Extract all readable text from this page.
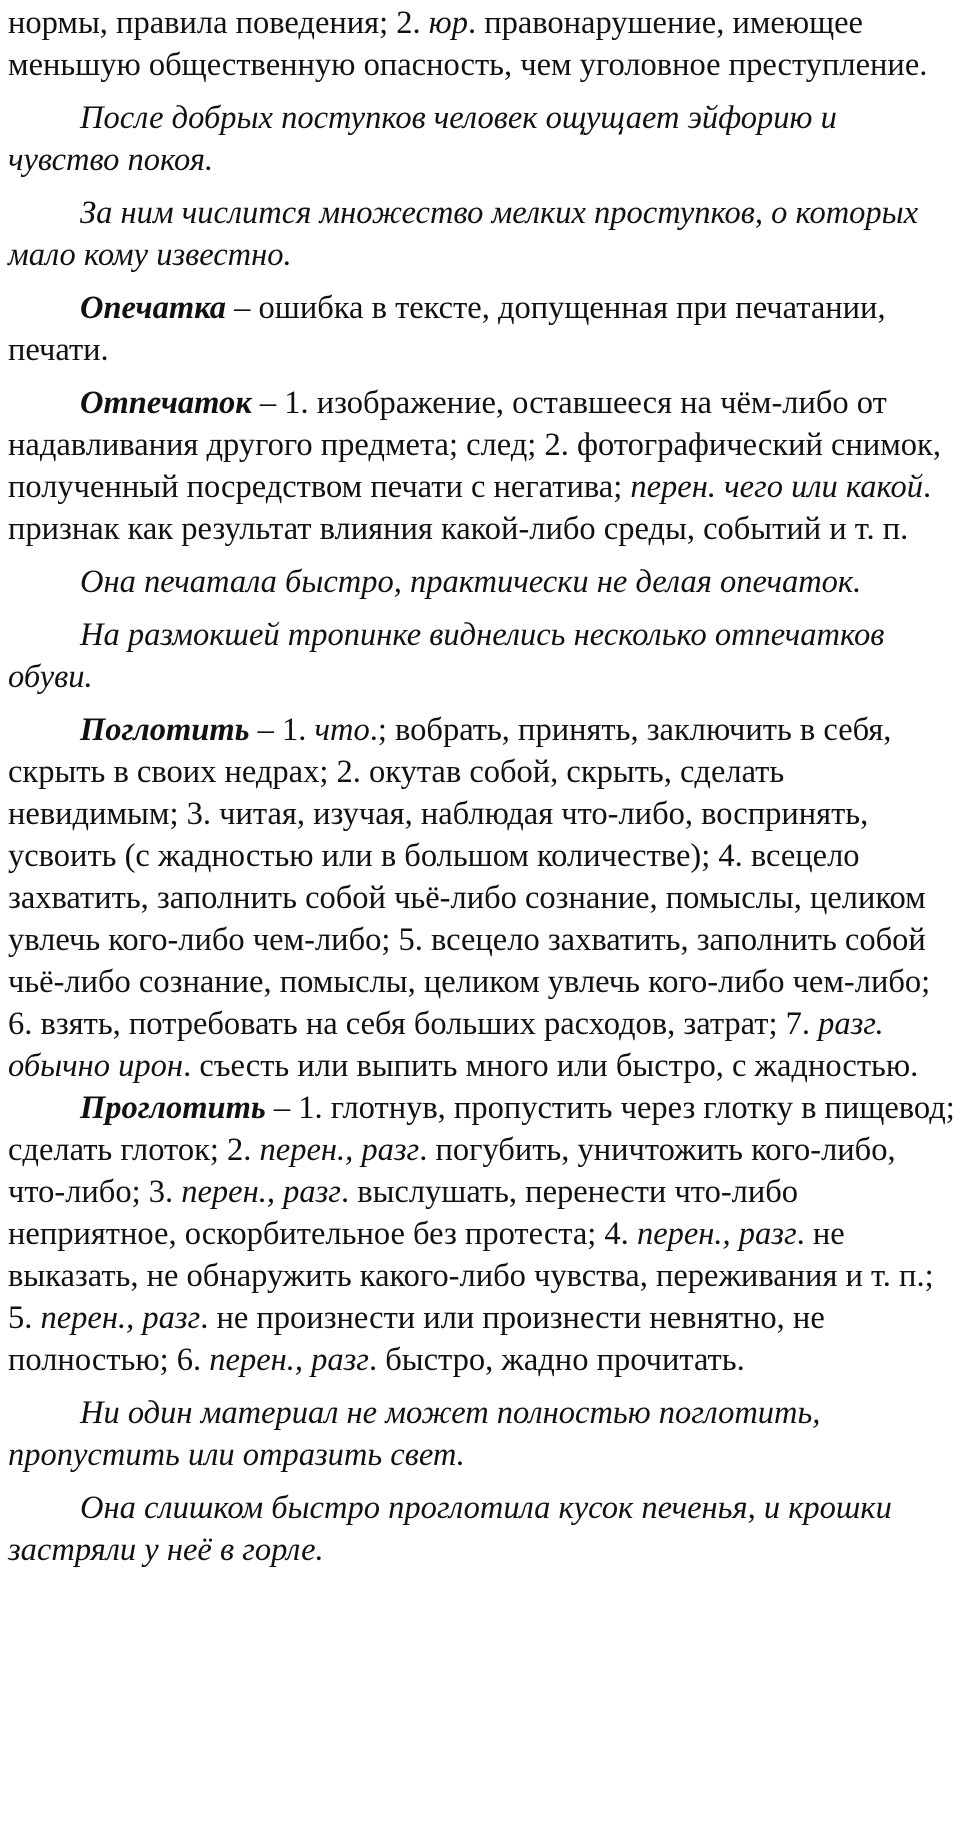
нормы, правила поведения; 2. юр. правонарушение, имеющее меньшую общественную опасность, чем уголовное преступление.

После добрых поступков человек ощущает эйфорию и чувство покоя.

За ним числится множество мелких проступков, о которых мало кому известно.

Опечатка – ошибка в тексте, допущенная при печатании, печати.

Отпечаток – 1. изображение, оставшееся на чём-либо от надавливания другого предмета; след; 2. фотографический снимок, полученный посредством печати с негатива; перен. чего или какой. признак как результат влияния какой-либо среды, событий и т. п.

Она печатала быстро, практически не делая опечаток.

На размокшей тропинке виднелись несколько отпечатков обуви.

Поглотить – 1. что.; вобрать, принять, заключить в себя, скрыть в своих недрах; 2. окутав собой, скрыть, сделать невидимым; 3. читая, изучая, наблюдая что-либо, воспринять, усвоить (с жадностью или в большом количестве); 4. всецело захватить, заполнить собой чьё-либо сознание, помыслы, целиком увлечь кого-либо чем-либо; 5. всецело захватить, заполнить собой чьё-либо сознание, помыслы, целиком увлечь кого-либо чем-либо; 6. взять, потребовать на себя больших расходов, затрат; 7. разг. обычно ирон. съесть или выпить много или быстро, с жадностью.

Проглотить – 1. глотнув, пропустить через глотку в пищевод; сделать глоток; 2. перен., разг. погубить, уничтожить кого-либо, что-либо; 3. перен., разг. выслушать, перенести что-либо неприятное, оскорбительное без протеста; 4. перен., разг. не выказать, не обнаружить какого-либо чувства, переживания и т. п.; 5. перен., разг. не произнести или произнести невнятно, не полностью; 6. перен., разг. быстро, жадно прочитать.

Ни один материал не может полностью поглотить, пропустить или отразить свет.

Она слишком быстро проглотила кусок печенья, и крошки застряли у неё в горле.
